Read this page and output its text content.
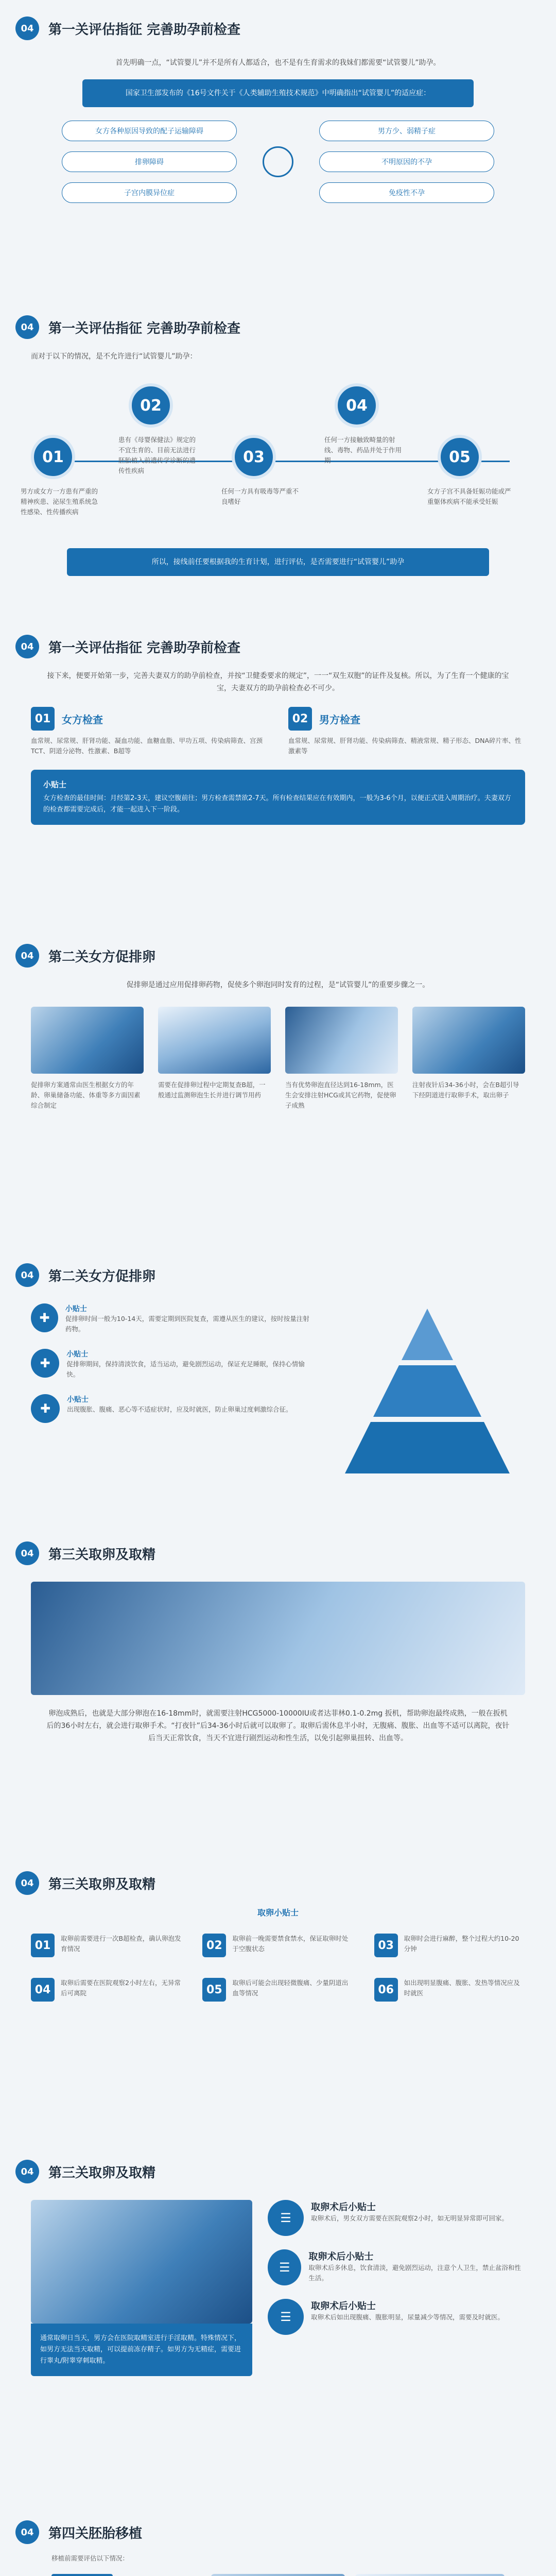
04	第一关评估指征 完善助孕前检查

首先明确一点，“试管婴儿”并不是所有人都适合，也不是有生育需求的我妹们都需要“试管婴儿”助孕。

国家卫生部发布的《16号文件关于《人类辅助生殖技术规范》中明确指出“试管婴儿”的适应症：
女方各种原因导致的配子运输障碍
排卵障碍
子宫内膜异位症
男方少、弱精子症
不明原因的不孕
免疫性不孕
04	第一关评估指征 完善助孕前检查

而对于以下的情况，是不允许进行“试管婴儿”助孕：

01
02
03
04
05

男方或女方一方患有严重的精神疾患、泌尿生殖系统急性感染、性传播疾病

患有《母婴保健法》规定的不宜生育的、目前无法进行胚胎植入前遗传学诊断的遗传性疾病

任何一方具有吸毒等严重不良嗜好

任何一方接触致畸量的射线、毒物、药品并处于作用期

女方子宫不具备妊娠功能或严重躯体疾病不能承受妊娠

所以，接线前任要根据我的生育计划，进行评估，是否需要进行“试管婴儿”助孕
04	第一关评估指征 完善助孕前检查

接下来，便要开始第一步，完善夫妻双方的助孕前检查，并按“卫健委要求的规定”，一一“双生双胞”的证件及复核。所以，为了生育一个健康的宝宝，夫妻双方的助孕前检查必不可少。

01	女方检查

血常规、尿常规、肝肾功能、凝血功能、血糖血脂、甲功五项、传染病筛查、宫颈TCT、阴道分泌物、性激素、B超等

02	男方检查

血常规、尿常规、肝肾功能、传染病筛查、精液常规、精子形态、DNA碎片率、性激素等

小贴士

女方检查的最佳时间：月经第2-3天，建议空腹前往；男方检查需禁欲2-7天。所有检查结果应在有效期内，一般为3-6个月，以便正式进入周期治疗。夫妻双方的检查都需要完成后，才能一起进入下一阶段。

04	第二关女方促排卵

促排卵是通过应用促排卵药物，促使多个卵泡同时发育的过程，是“试管婴儿”的重要步骤之一。

促排卵方案通常由医生根据女方的年龄、卵巢储备功能、体重等多方面因素综合制定

需要在促排卵过程中定期复查B超，一般通过监测卵泡生长并进行调节用药

当有优势卵泡直径达到16-18mm，医生会安排注射HCG或其它药物，促使卵子成熟

注射夜针后34-36小时，会在B超引导下经阴道进行取卵手术，取出卵子

04	第二关女方促排卵
✚
小贴士

促排卵时间一般为10-14天，需要定期到医院复查，需遵从医生的建议，按时按量注射药物。

✚
小贴士

促排卵期间，保持清淡饮食，适当运动，避免剧烈运动，保证充足睡眠，保持心情愉快。

✚
小贴士

出现腹胀、腹痛、恶心等不适症状时，应及时就医，防止卵巢过度刺激综合征。

04	第三关取卵及取精

卵泡成熟后，也就是大部分卵泡在16-18mm时，就需要注射HCG5000-10000IU或者达菲林0.1-0.2mg 扳机，帮助卵泡最终成熟，一般在扳机后的36小时左右，就会进行取卵手术。“打夜针”后34-36小时后就可以取卵了。取卵后需休息半小时，无腹痛、腹胀、出血等不适可以离院，夜针后当天正常饮食，当天不宜进行剧烈运动和性生活，以免引起卵巢扭转、出血等。

04	第三关取卵及取精
取卵小贴士
01

取卵前需要进行一次B超检查，确认卵泡发育情况	02

取卵前一晚需要禁食禁水，保证取卵时处于空腹状态	03

取卵时会进行麻醉，整个过程大约10-20分钟

04

取卵后需要在医院观察2小时左右，无异常后可离院	05

取卵后可能会出现轻微腹痛、少量阴道出血等情况	06

如出现明显腹痛、腹胀、发热等情况应及时就医

04	第三关取卵及取精
通常取卵日当天，男方会在医院取精室进行手淫取精。特殊情况下，如男方无法当天取精，可以提前冻存精子。如男方为无精症，需要进行睾丸/附睾穿刺取精。
☰
取卵术后小贴士

取卵术后，男女双方需要在医院观察2小时，如无明显异常即可回家。

☰
取卵术后小贴士

取卵术后多休息，饮食清淡，避免剧烈运动，注意个人卫生，禁止盆浴和性生活。

☰
取卵术后小贴士

取卵术后如出现腹痛、腹胀明显，尿量减少等情况，需要及时就医。

04	第四关胚胎移植

移植前需要评估以下情况：
